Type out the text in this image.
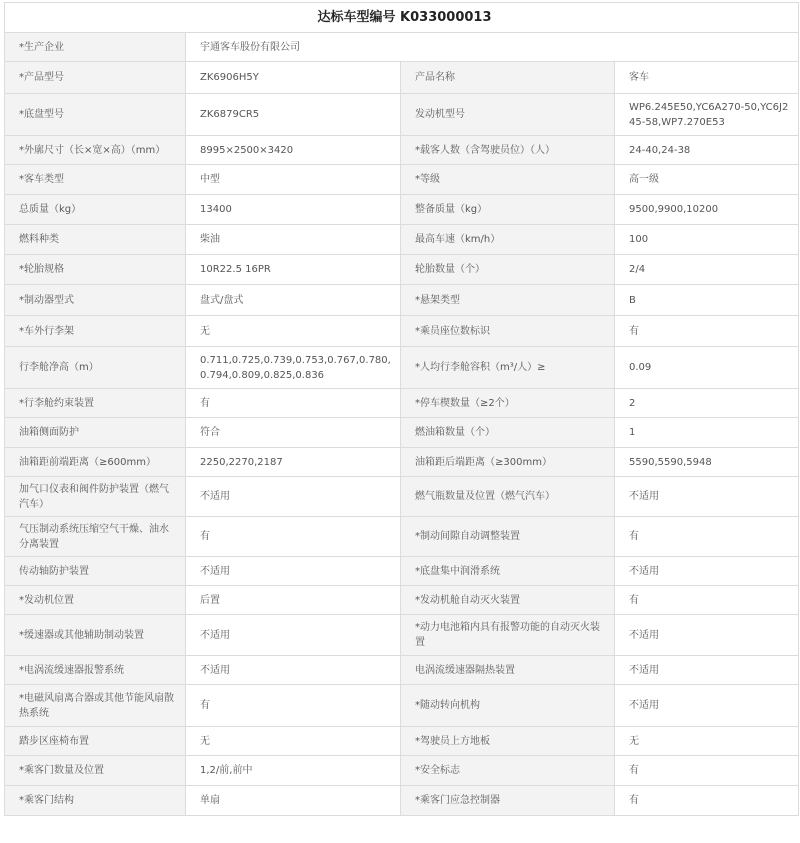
达标车型编号 K033000013			
*生产企业	宇通客车股份有限公司		
*产品型号	ZK6906H5Y	产品名称	客车
*底盘型号	ZK6879CR5	发动机型号	WP6.245E50,YC6A270-50,YC6J245-58,WP7.270E53
*外廓尺寸（长×宽×高）（mm）	8995×2500×3420	*载客人数（含驾驶员位）（人）	24-40,24-38
*客车类型	中型	*等级	高一级
总质量（kg）	13400	整备质量（kg）	9500,9900,10200
燃料种类	柴油	最高车速（km/h）	100
*轮胎规格	10R22.5 16PR	轮胎数量（个）	2/4
*制动器型式	盘式/盘式	*悬架类型	B
*车外行李架	无	*乘员座位数标识	有
行李舱净高（m）	0.711,0.725,0.739,0.753,0.767,0.780,0.794,0.809,0.825,0.836	*人均行李舱容积（m³/人）≥	0.09
*行李舱约束装置	有	*停车楔数量（≥2个）	2
油箱侧面防护	符合	燃油箱数量（个）	1
油箱距前端距离（≥600mm）	2250,2270,2187	油箱距后端距离（≥300mm）	5590,5590,5948
加气口仪表和阀件防护装置（燃气汽车）	不适用	燃气瓶数量及位置（燃气汽车）	不适用
气压制动系统压缩空气干燥、油水分离装置	有	*制动间隙自动调整装置	有
传动轴防护装置	不适用	*底盘集中润滑系统	不适用
*发动机位置	后置	*发动机舱自动灭火装置	有
*缓速器或其他辅助制动装置	不适用	*动力电池箱内具有报警功能的自动灭火装置	不适用
*电涡流缓速器报警系统	不适用	电涡流缓速器隔热装置	不适用
*电磁风扇离合器或其他节能风扇散热系统	有	*随动转向机构	不适用
踏步区座椅布置	无	*驾驶员上方地板	无
*乘客门数量及位置	1,2/前,前中	*安全标志	有
*乘客门结构	单扇	*乘客门应急控制器	有
